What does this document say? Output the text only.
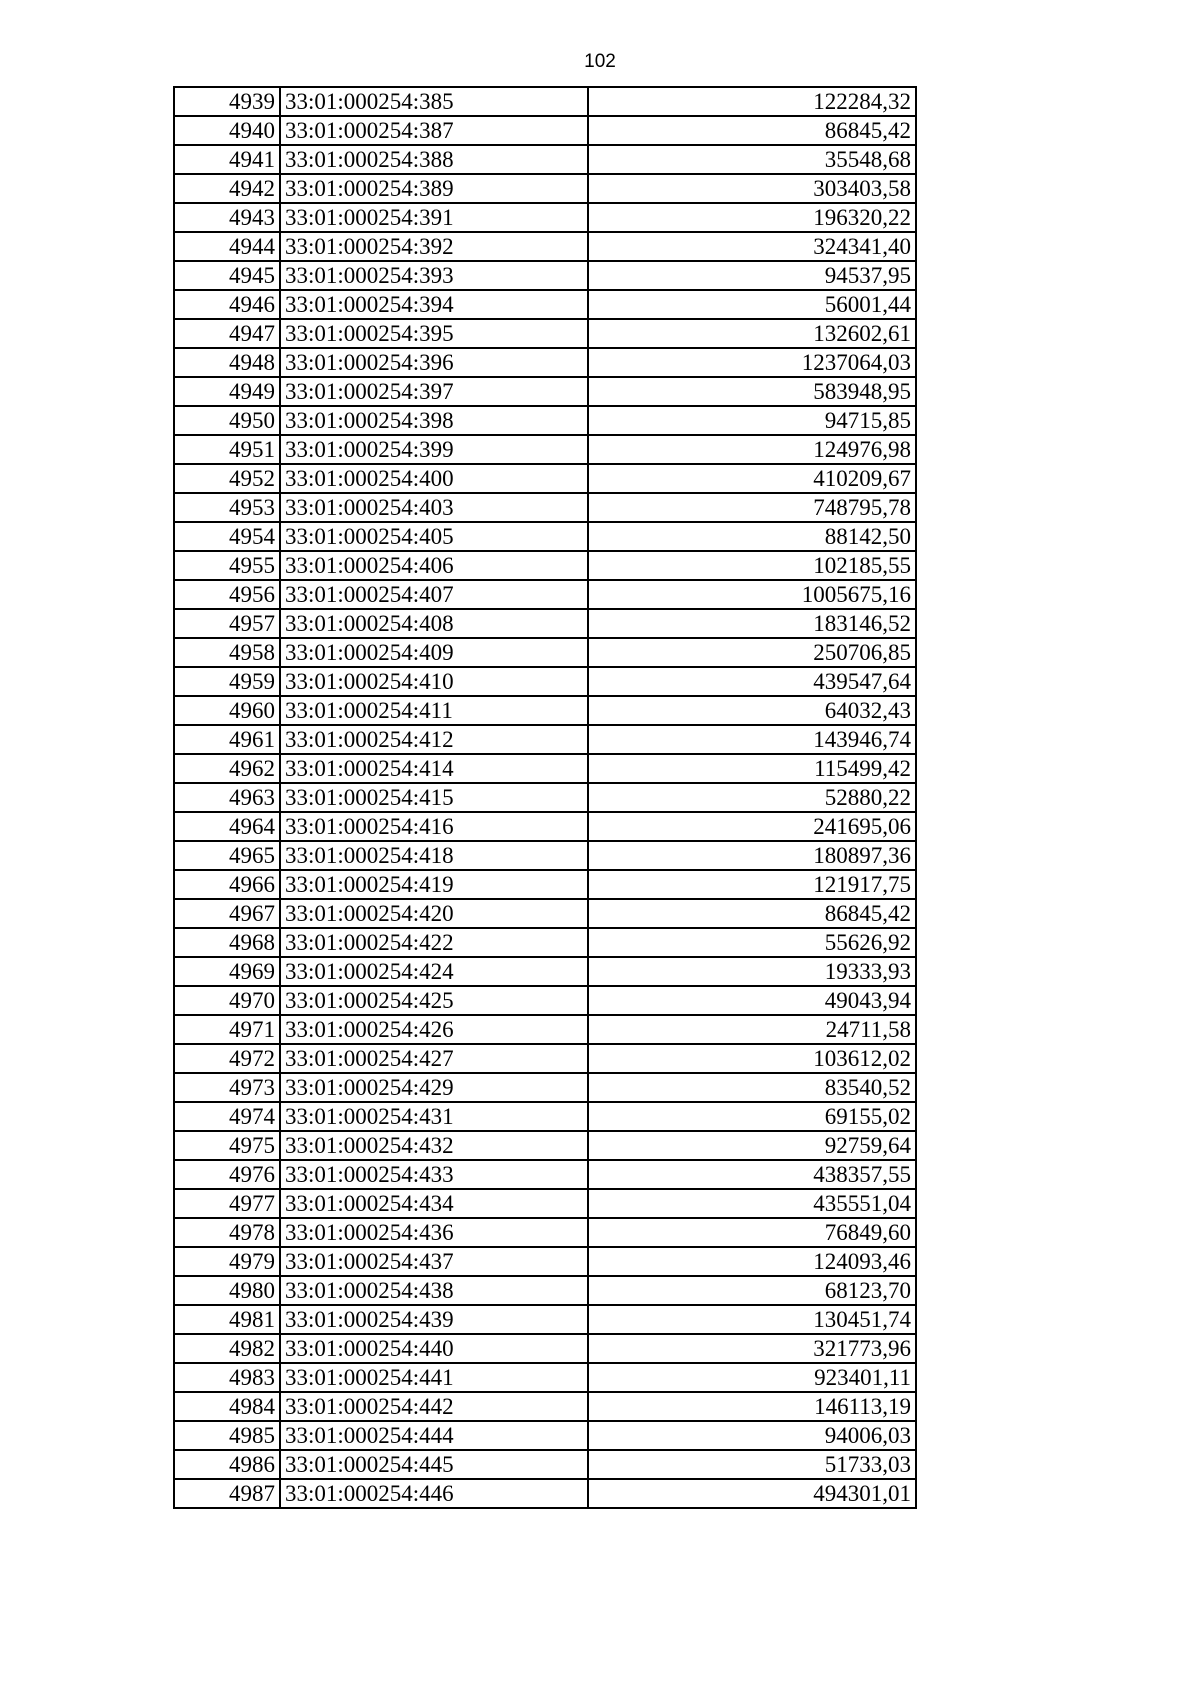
102
4939	33:01:000254:385	122284,32
4940	33:01:000254:387	86845,42
4941	33:01:000254:388	35548,68
4942	33:01:000254:389	303403,58
4943	33:01:000254:391	196320,22
4944	33:01:000254:392	324341,40
4945	33:01:000254:393	94537,95
4946	33:01:000254:394	56001,44
4947	33:01:000254:395	132602,61
4948	33:01:000254:396	1237064,03
4949	33:01:000254:397	583948,95
4950	33:01:000254:398	94715,85
4951	33:01:000254:399	124976,98
4952	33:01:000254:400	410209,67
4953	33:01:000254:403	748795,78
4954	33:01:000254:405	88142,50
4955	33:01:000254:406	102185,55
4956	33:01:000254:407	1005675,16
4957	33:01:000254:408	183146,52
4958	33:01:000254:409	250706,85
4959	33:01:000254:410	439547,64
4960	33:01:000254:411	64032,43
4961	33:01:000254:412	143946,74
4962	33:01:000254:414	115499,42
4963	33:01:000254:415	52880,22
4964	33:01:000254:416	241695,06
4965	33:01:000254:418	180897,36
4966	33:01:000254:419	121917,75
4967	33:01:000254:420	86845,42
4968	33:01:000254:422	55626,92
4969	33:01:000254:424	19333,93
4970	33:01:000254:425	49043,94
4971	33:01:000254:426	24711,58
4972	33:01:000254:427	103612,02
4973	33:01:000254:429	83540,52
4974	33:01:000254:431	69155,02
4975	33:01:000254:432	92759,64
4976	33:01:000254:433	438357,55
4977	33:01:000254:434	435551,04
4978	33:01:000254:436	76849,60
4979	33:01:000254:437	124093,46
4980	33:01:000254:438	68123,70
4981	33:01:000254:439	130451,74
4982	33:01:000254:440	321773,96
4983	33:01:000254:441	923401,11
4984	33:01:000254:442	146113,19
4985	33:01:000254:444	94006,03
4986	33:01:000254:445	51733,03
4987	33:01:000254:446	494301,01
